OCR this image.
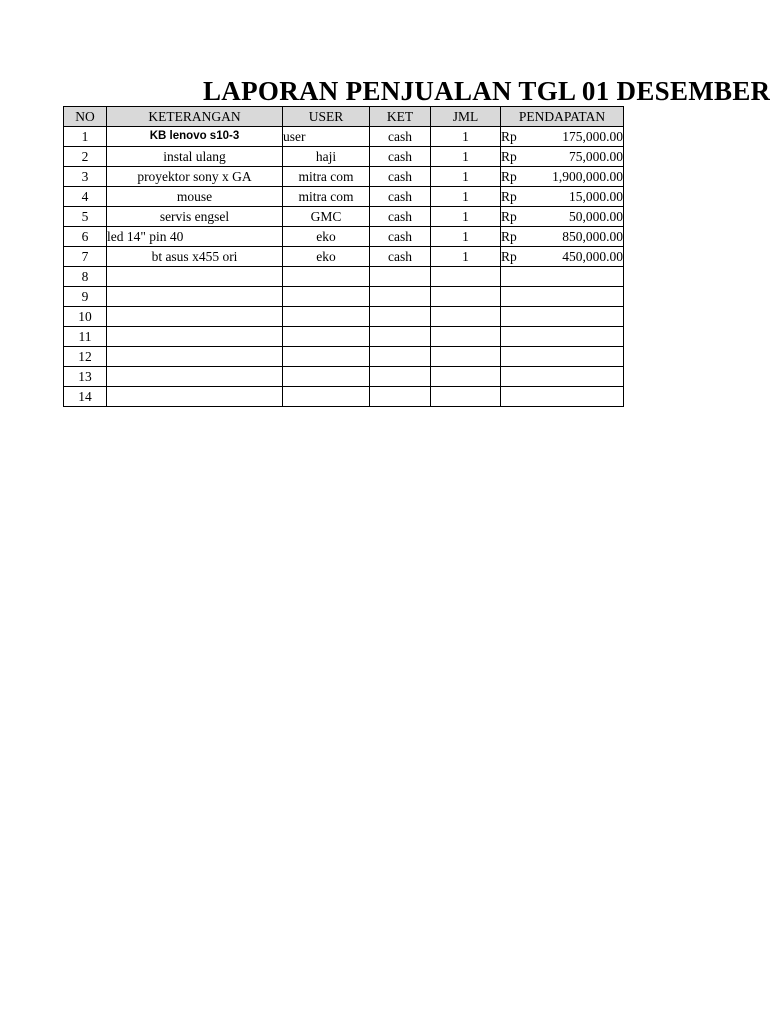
LAPORAN PENJUALAN TGL 01 DESEMBER
NO	KETERANGAN	USER	KET	JML	PENDAPATAN
1	KB lenovo s10-3	user	cash	1	Rp 175,000.00

2	instal ulang	haji	cash	1	Rp 75,000.00

3	proyektor sony x GA	mitra com	cash	1	Rp 1,900,000.00

4	mouse	mitra com	cash	1	Rp 15,000.00

5	servis engsel	GMC	cash	1	Rp 50,000.00

6	led 14" pin 40	eko	cash	1	Rp 850,000.00

7	bt asus x455 ori	eko	cash	1	Rp 450,000.00

8					
9					
10					
11					
12					
13					
14					
